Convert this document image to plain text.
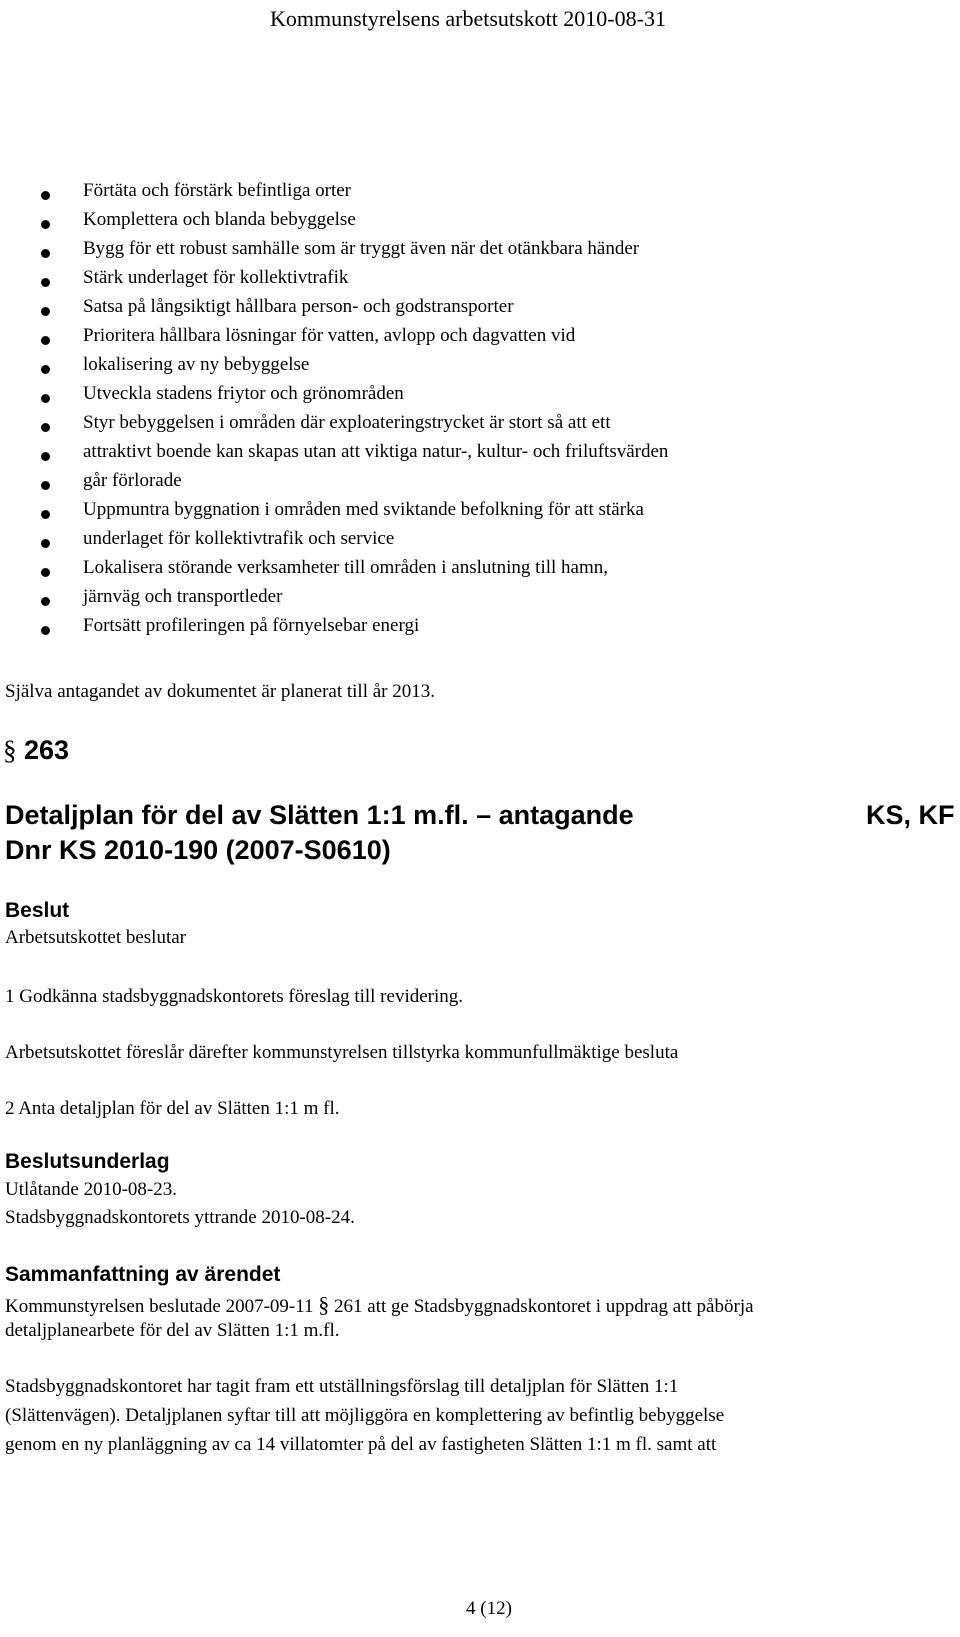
Kommunstyrelsens arbetsutskott 2010-08-31
Förtäta och förstärk befintliga orter
Komplettera och blanda bebyggelse
Bygg för ett robust samhälle som är tryggt även när det otänkbara händer
Stärk underlaget för kollektivtrafik
Satsa på långsiktigt hållbara person- och godstransporter
Prioritera hållbara lösningar för vatten, avlopp och dagvatten vid
lokalisering av ny bebyggelse
Utveckla stadens friytor och grönområden
Styr bebyggelsen i områden där exploateringstrycket är stort så att ett
attraktivt boende kan skapas utan att viktiga natur-, kultur- och friluftsvärden
går förlorade
Uppmuntra byggnation i områden med sviktande befolkning för att stärka
underlaget för kollektivtrafik och service
Lokalisera störande verksamheter till områden i anslutning till hamn,
järnväg och transportleder
Fortsätt profileringen på förnyelsebar energi
Själva antagandet av dokumentet är planerat till år 2013.
§ 263
Detaljplan för del av Slätten 1:1 m.fl. – antagande	KS, KF
Dnr KS 2010-190 (2007-S0610)
Beslut
Arbetsutskottet beslutar
1 Godkänna stadsbyggnadskontorets föreslag till revidering.
Arbetsutskottet föreslår därefter kommunstyrelsen tillstyrka kommunfullmäktige besluta
2 Anta detaljplan för del av Slätten 1:1 m fl.
Beslutsunderlag
Utlåtande 2010-08-23.
Stadsbyggnadskontorets yttrande 2010-08-24.
Sammanfattning av ärendet
Kommunstyrelsen beslutade 2007-09-11 § 261 att ge Stadsbyggnadskontoret i uppdrag att påbörja
detaljplanearbete för del av Slätten 1:1 m.fl.
Stadsbyggnadskontoret har tagit fram ett utställningsförslag till detaljplan för Slätten 1:1
(Slättenvägen). Detaljplanen syftar till att möjliggöra en komplettering av befintlig bebyggelse
genom en ny planläggning av ca 14 villatomter på del av fastigheten Slätten 1:1 m fl. samt att
4 (12)
